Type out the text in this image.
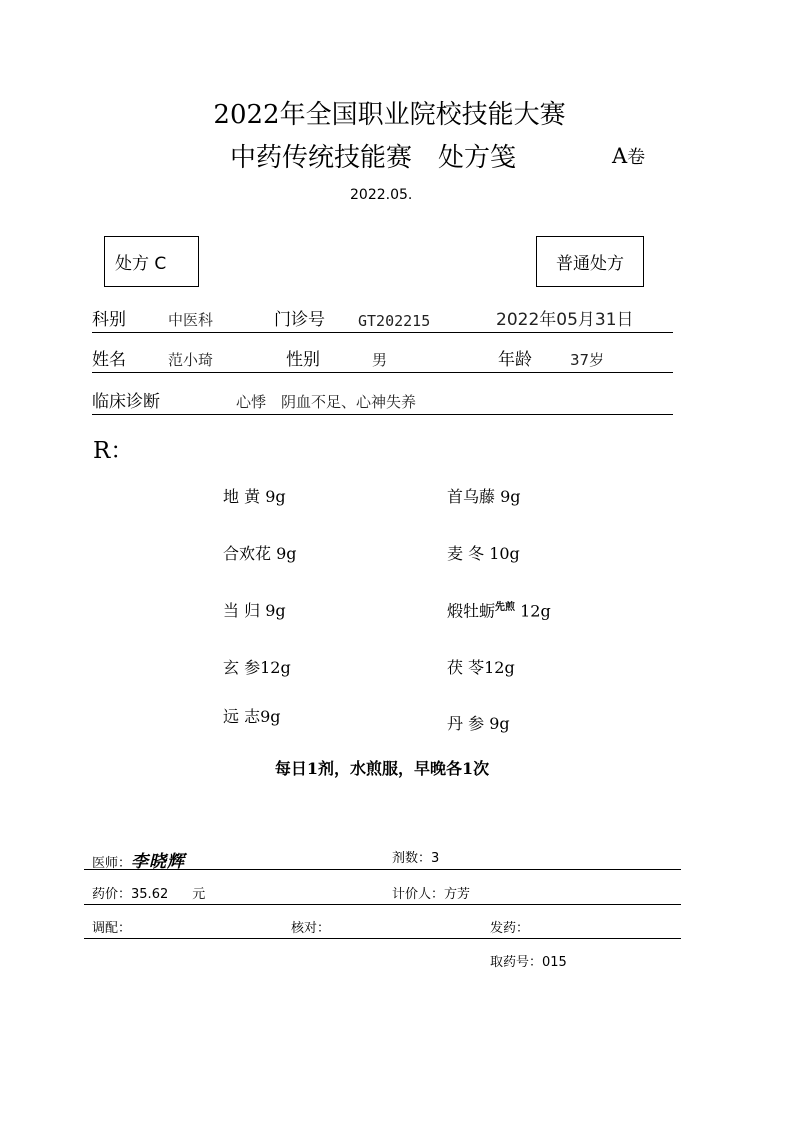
2022年全国职业院校技能大赛
中药传统技能赛 处方笺	A卷
2022.05.
处方 C	普通处方
科别	中医科	门诊号 GT202215	2022年05月31日
姓名	范小琦	性别	男	年龄	37岁
临床诊断	心悸　阴血不足、心神失养
R：
地 黄 9g	首乌藤 9g
合欢花 9g	麦 冬 10g
当 归 9g	煅牡蛎$^{先煎}$ 12g
玄 参12g	茯 苓12g
远 志9g	丹 参 9g
每日1剂，水煎服，早晚各1次
医师：李晓辉	剂数：3
药价：35.62 元	计价人：方芳
调配：	核对：	发药：
取药号：015
